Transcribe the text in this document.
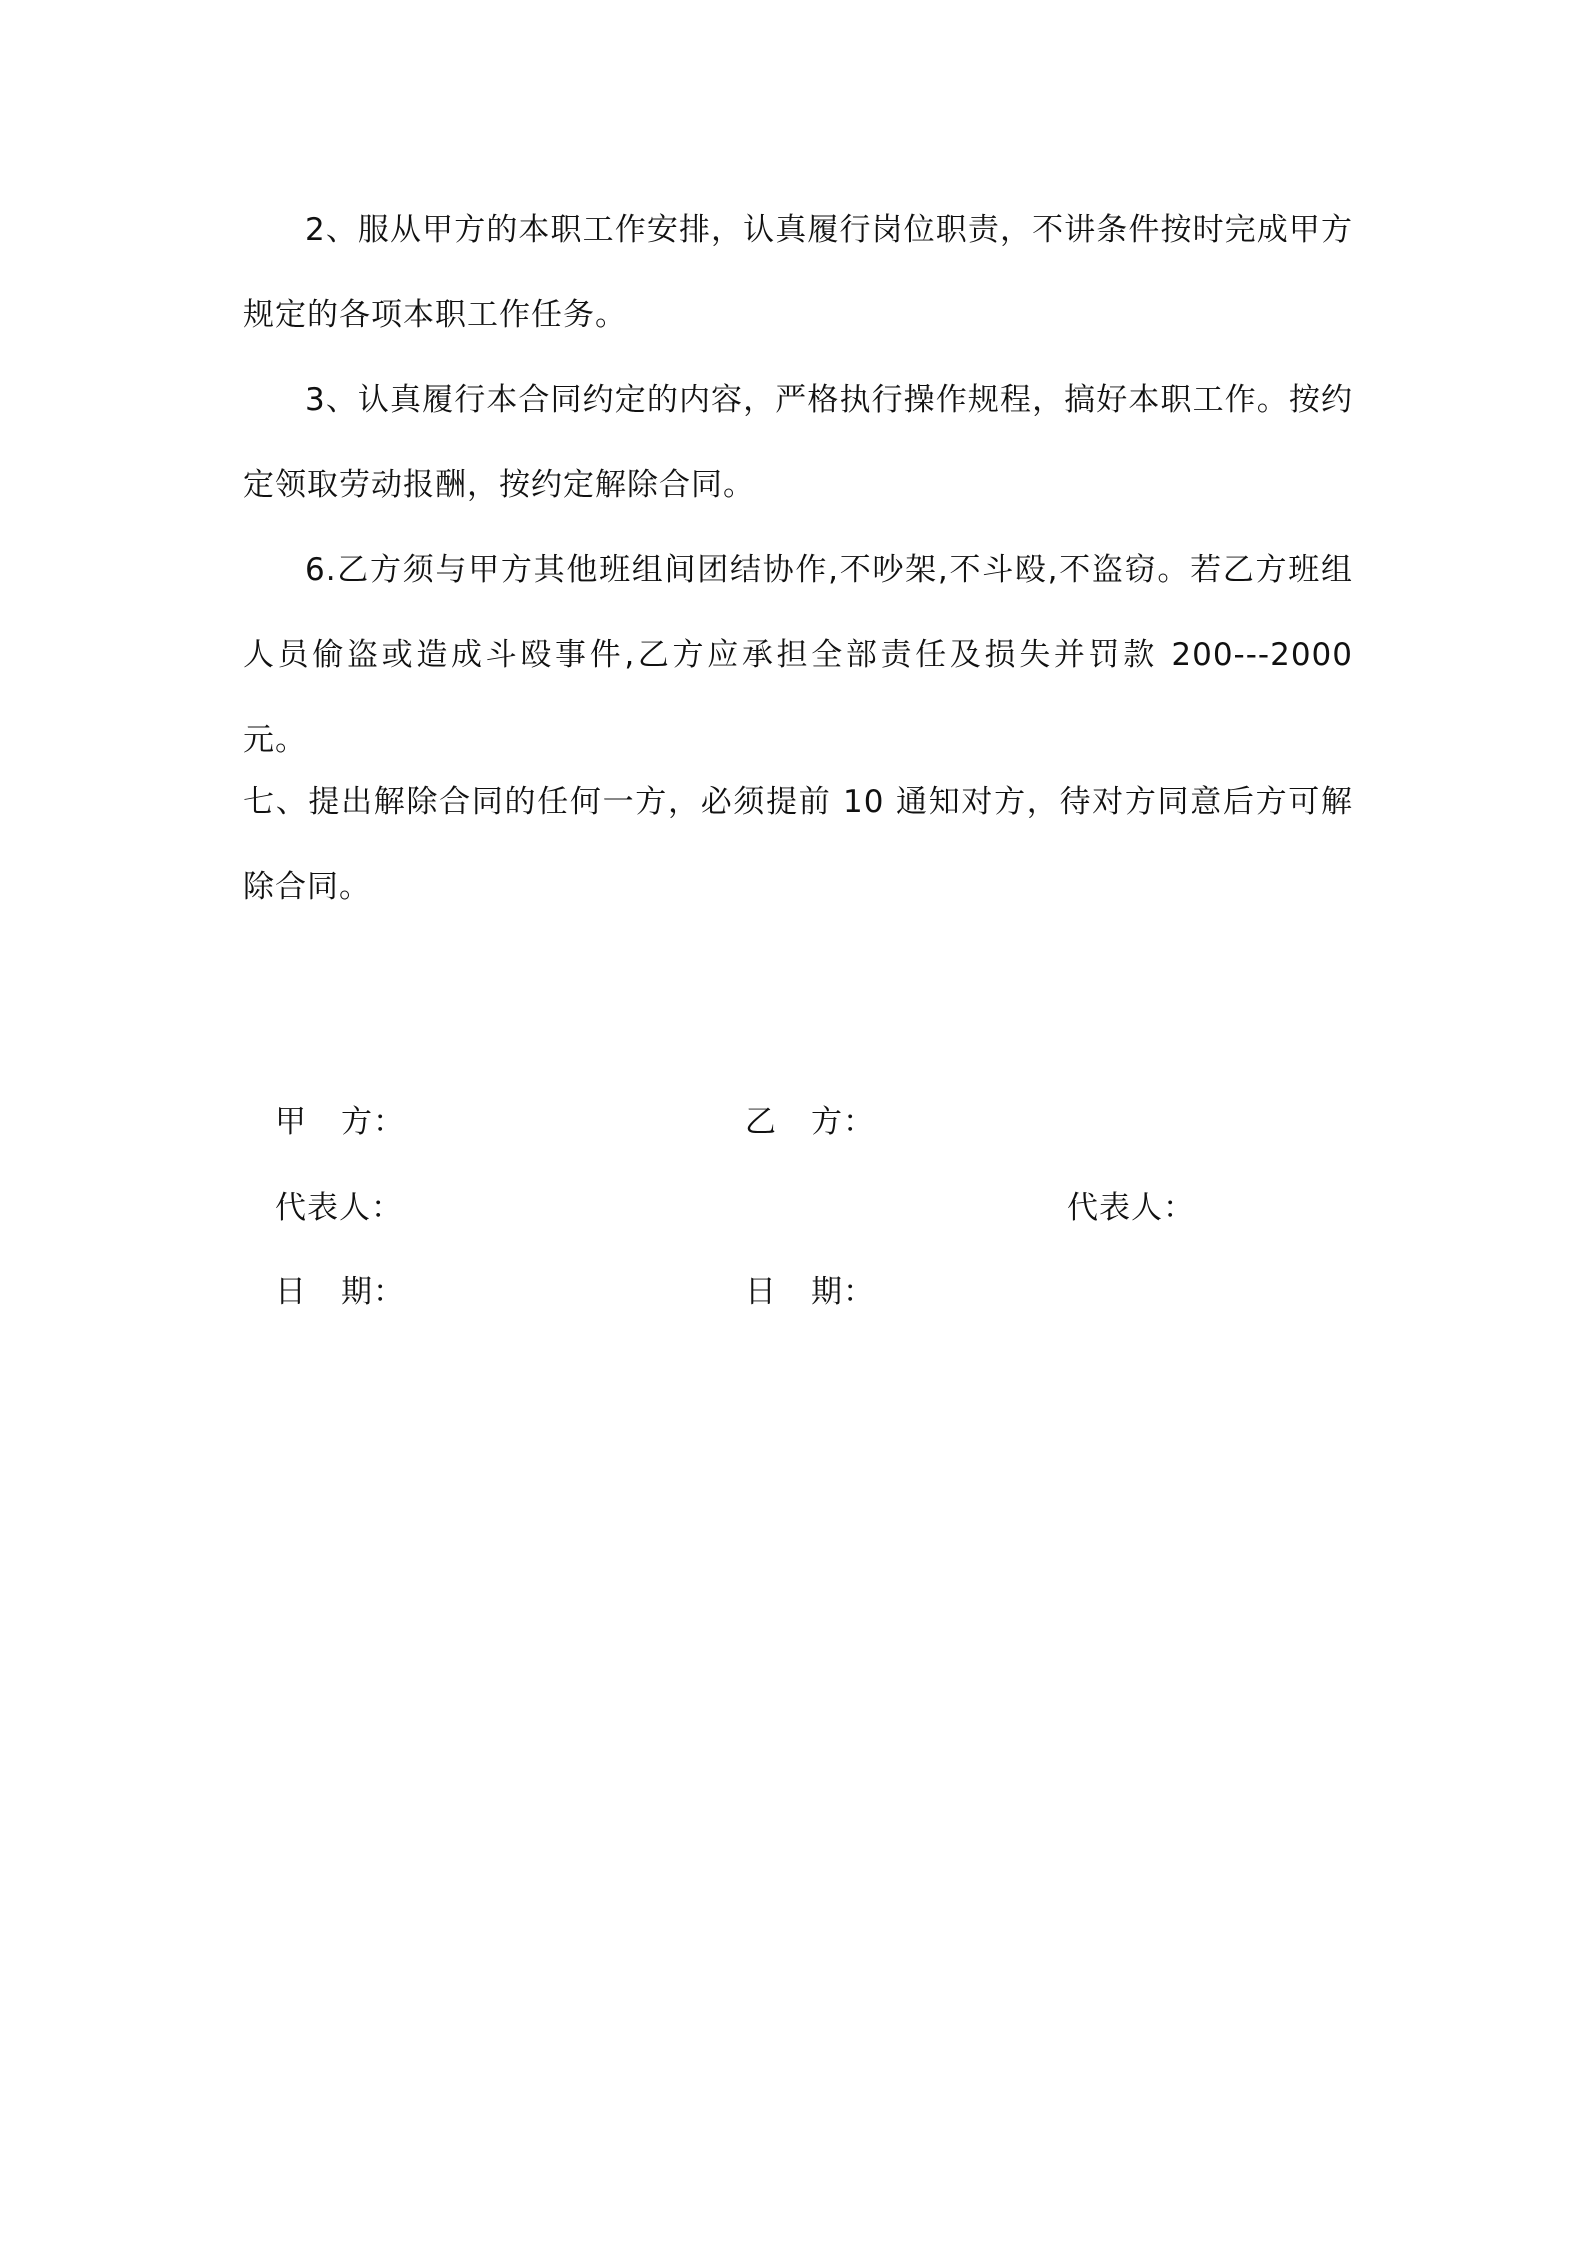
2、服从甲方的本职工作安排，认真履行岗位职责，不讲条件按时完成甲方规定的各项本职工作任务。

3、认真履行本合同约定的内容，严格执行操作规程，搞好本职工作。按约定领取劳动报酬，按约定解除合同。

6.乙方须与甲方其他班组间团结协作,不吵架,不斗殴,不盗窃。若乙方班组人员偷盗或造成斗殴事件,乙方应承担全部责任及损失并罚款 200---2000 元。

七、提出解除合同的任何一方，必须提前 10 通知对方，待对方同意后方可解除合同。

甲 方：	乙 方：
代表人：	代表人：
日 期：	日 期：
